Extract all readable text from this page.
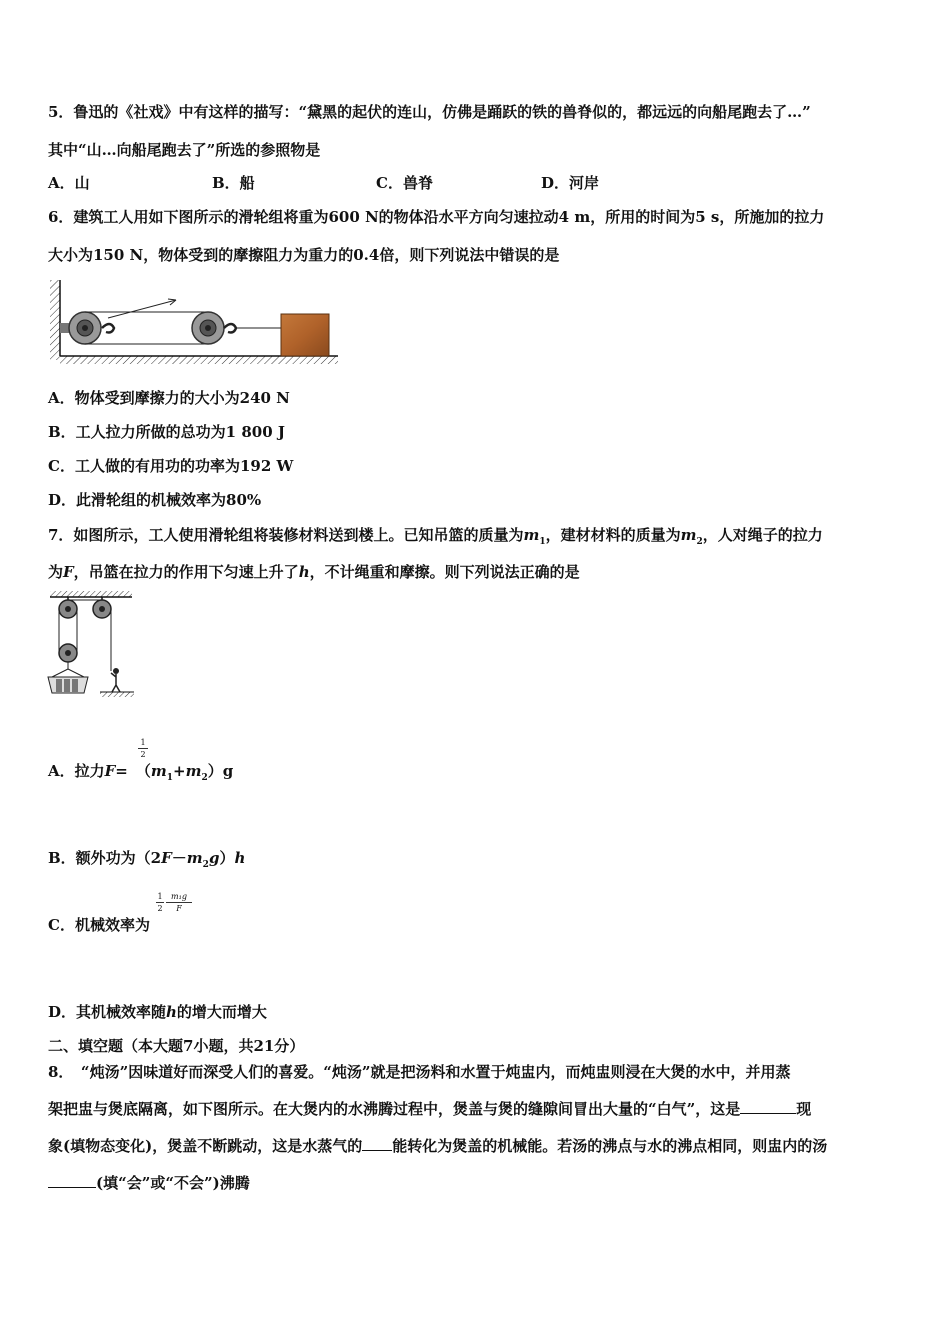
5．鲁迅的《社戏》中有这样的描写：“黛黑的起伏的连山，仿佛是踊跃的铁的兽脊似的，都远远的向船尾跑去了…”
其中“山…向船尾跑去了”所选的参照物是
A．山	B．船	C．兽脊	D．河岸
6．建筑工人用如下图所示的滑轮组将重为600 N的物体沿水平方向匀速拉动4 m，所用的时间为5 s，所施加的拉力
大小为150 N，物体受到的摩擦阻力为重力的0.4倍，则下列说法中错误的是
A．物体受到摩擦力的大小为240 N
B．工人拉力所做的总功为1 800 J
C．工人做的有用功的功率为192 W
D．此滑轮组的机械效率为80%
7．如图所示，工人使用滑轮组将装修材料送到楼上。已知吊篮的质量为$m_1$，建材材料的质量为$m_2$，人对绳子的拉力
为F，吊篮在拉力的作用下匀速上升了h，不计绳重和摩擦。则下列说法正确的是
1
2
A．拉力$F= (m_1+m_2)g$
B．额外功为$(2F-m_2g)h$
1
2
m₁g
F
C．机械效率为
D．其机械效率随h的增大而增大
二、填空题（本大题7小题，共21分）
8．　“炖汤”因味道好而深受人们的喜爱。“炖汤”就是把汤料和水置于炖盅内，而炖盅则浸在大煲的水中，并用蒸
架把盅与煲底隔离，如下图所示。在大煲内的水沸腾过程中，煲盖与煲的缝隙间冒出大量的“白气”，这是	现
象(填物态变化)，煲盖不断跳动，这是水蒸气的 能转化为煲盖的机械能。若汤的沸点与水的沸点相同，则盅内的汤
(填“会”或“不会”)沸腾
